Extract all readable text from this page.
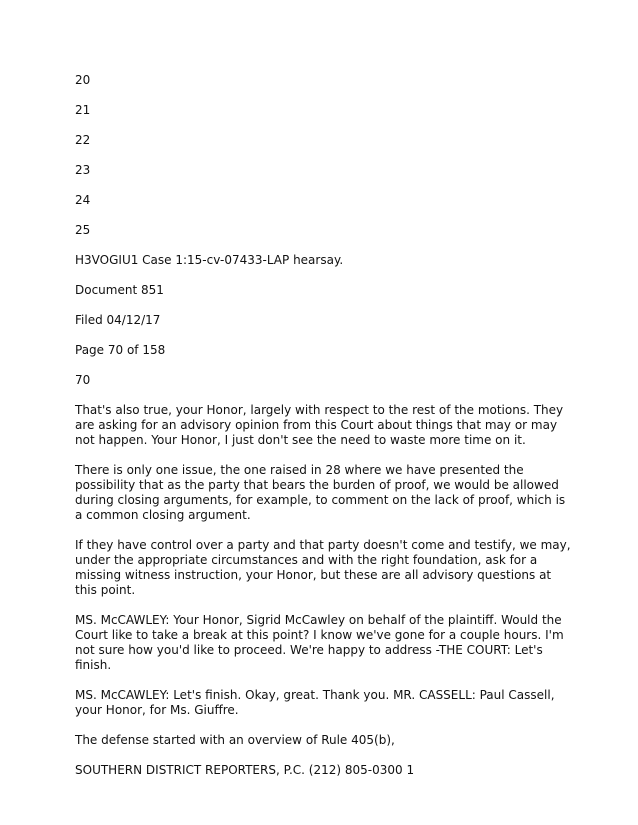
20

21

22

23

24

25

H3VOGIU1 Case 1:15-cv-07433-LAP hearsay.

Document 851

Filed 04/12/17

Page 70 of 158

70

That's also true, your Honor, largely with respect to the rest of the motions. They are asking for an advisory opinion from this Court about things that may or may not happen. Your Honor, I just don't see the need to waste more time on it.

There is only one issue, the one raised in 28 where we have presented the possibility that as the party that bears the burden of proof, we would be allowed during closing arguments, for example, to comment on the lack of proof, which is a common closing argument.

If they have control over a party and that party doesn't come and testify, we may, under the appropriate circumstances and with the right foundation, ask for a missing witness instruction, your Honor, but these are all advisory questions at this point.

MS. McCAWLEY: Your Honor, Sigrid McCawley on behalf of the plaintiff. Would the Court like to take a break at this point? I know we've gone for a couple hours. I'm not sure how you'd like to proceed. We're happy to address -THE COURT: Let's finish.

MS. McCAWLEY: Let's finish. Okay, great. Thank you. MR. CASSELL: Paul Cassell, your Honor, for Ms. Giuffre.

The defense started with an overview of Rule 405(b),

SOUTHERN DISTRICT REPORTERS, P.C. (212) 805-0300 1
